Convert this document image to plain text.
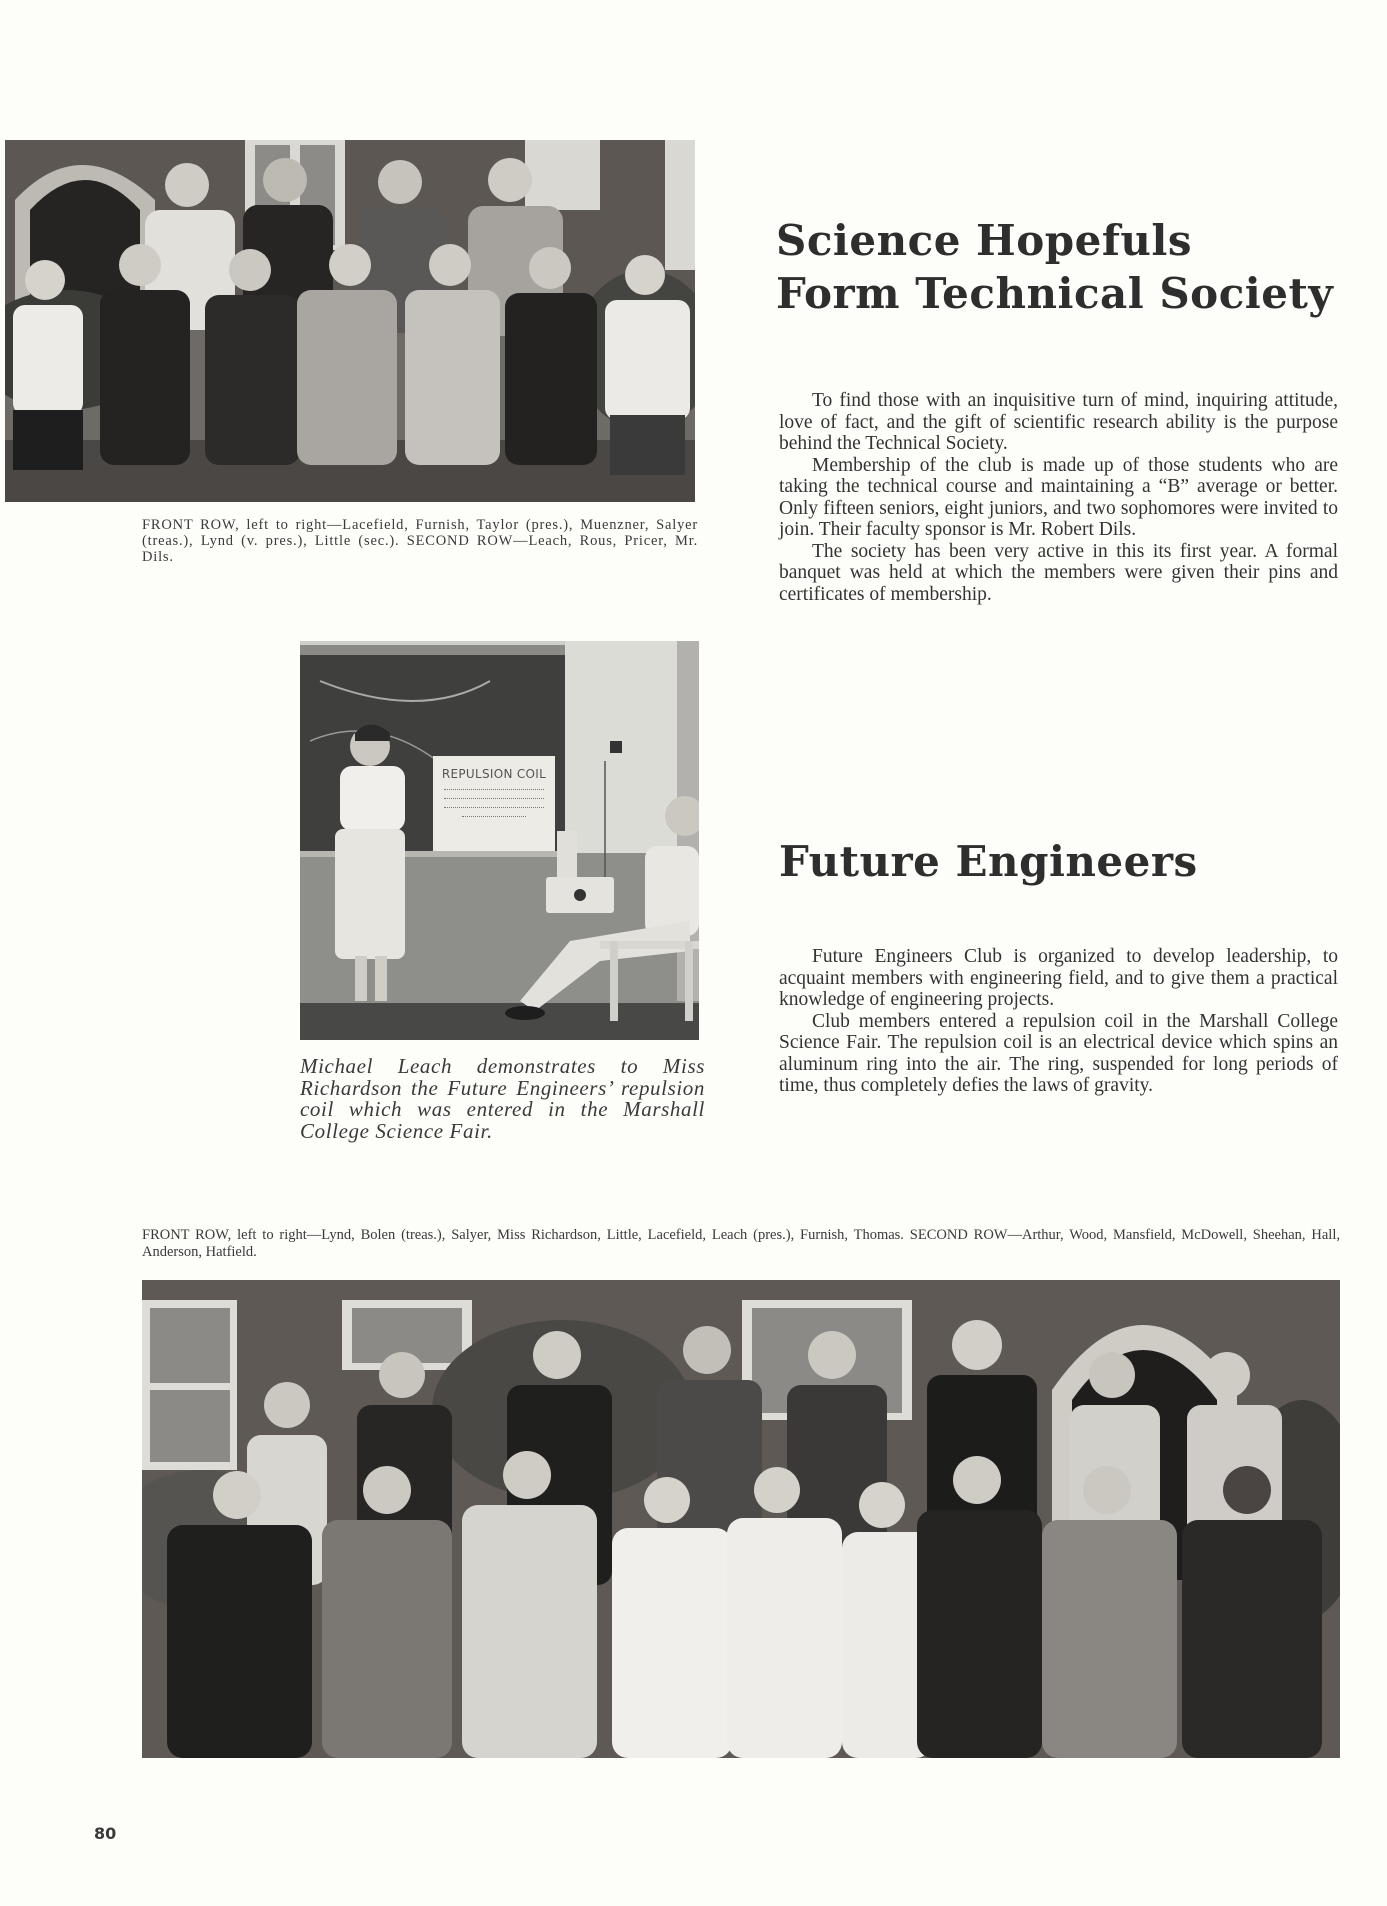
FRONT ROW, left to right—Lacefield, Furnish, Taylor (pres.), Muenzner, Salyer (treas.), Lynd (v. pres.), Little (sec.). SECOND ROW—Leach, Rous, Pricer, Mr. Dils.
Science Hopefuls
Form Technical Society

To find those with an inquisitive turn of mind, inquiring attitude, love of fact, and the gift of scientific research ability is the purpose behind the Technical Society.

Membership of the club is made up of those students who are taking the technical course and maintaining a “B” average or better. Only fifteen seniors, eight juniors, and two sophomores were invited to join. Their faculty sponsor is Mr. Robert Dils.

The society has been very active in this its first year. A formal banquet was held at which the members were given their pins and certificates of membership.

REPULSION COIL
Michael Leach demonstrates to Miss Richardson the Future Engineers’ repulsion coil which was entered in the Marshall College Science Fair.
Future Engineers

Future Engineers Club is organized to develop leadership, to acquaint members with engineering field, and to give them a practical knowledge of engineering projects.

Club members entered a repulsion coil in the Marshall College Science Fair. The repulsion coil is an electrical device which spins an aluminum ring into the air. The ring, suspended for long periods of time, thus completely defies the laws of gravity.

FRONT ROW, left to right—Lynd, Bolen (treas.), Salyer, Miss Richardson, Little, Lacefield, Leach (pres.), Furnish, Thomas. SECOND ROW—Arthur, Wood, Mansfield, McDowell, Sheehan, Hall, Anderson, Hatfield.
80
